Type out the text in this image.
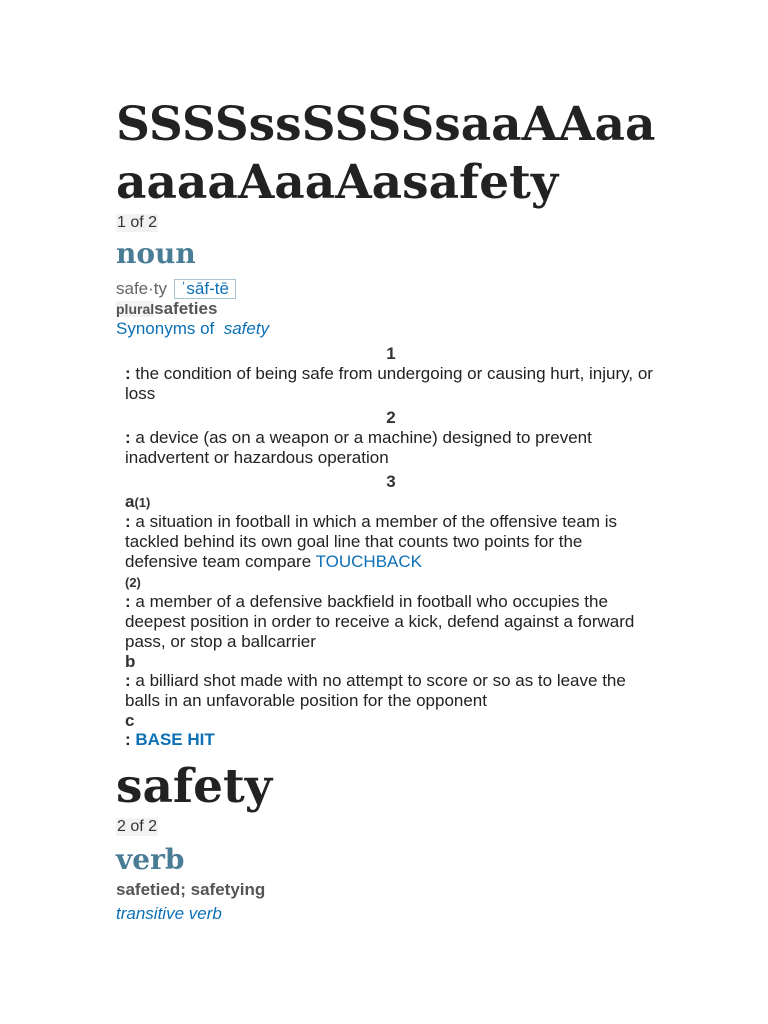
SSSSssSSSSsaaAAaaaaaaAaaAasafety
1 of 2
noun
safe·ty ˈsāf-tē
pluralsafeties
Synonyms of safety
1
: the condition of being safe from undergoing or causing hurt, injury, or loss
2
: a device (as on a weapon or a machine) designed to prevent inadvertent or hazardous operation
3
a(1)
: a situation in football in which a member of the offensive team is tackled behind its own goal line that counts two points for the defensive team compare TOUCHBACK
(2)
: a member of a defensive backfield in football who occupies the deepest position in order to receive a kick, defend against a forward pass, or stop a ballcarrier
b
: a billiard shot made with no attempt to score or so as to leave the balls in an unfavorable position for the opponent
c
: BASE HIT
safety
2 of 2
verb
safetied; safetying
transitive verb
